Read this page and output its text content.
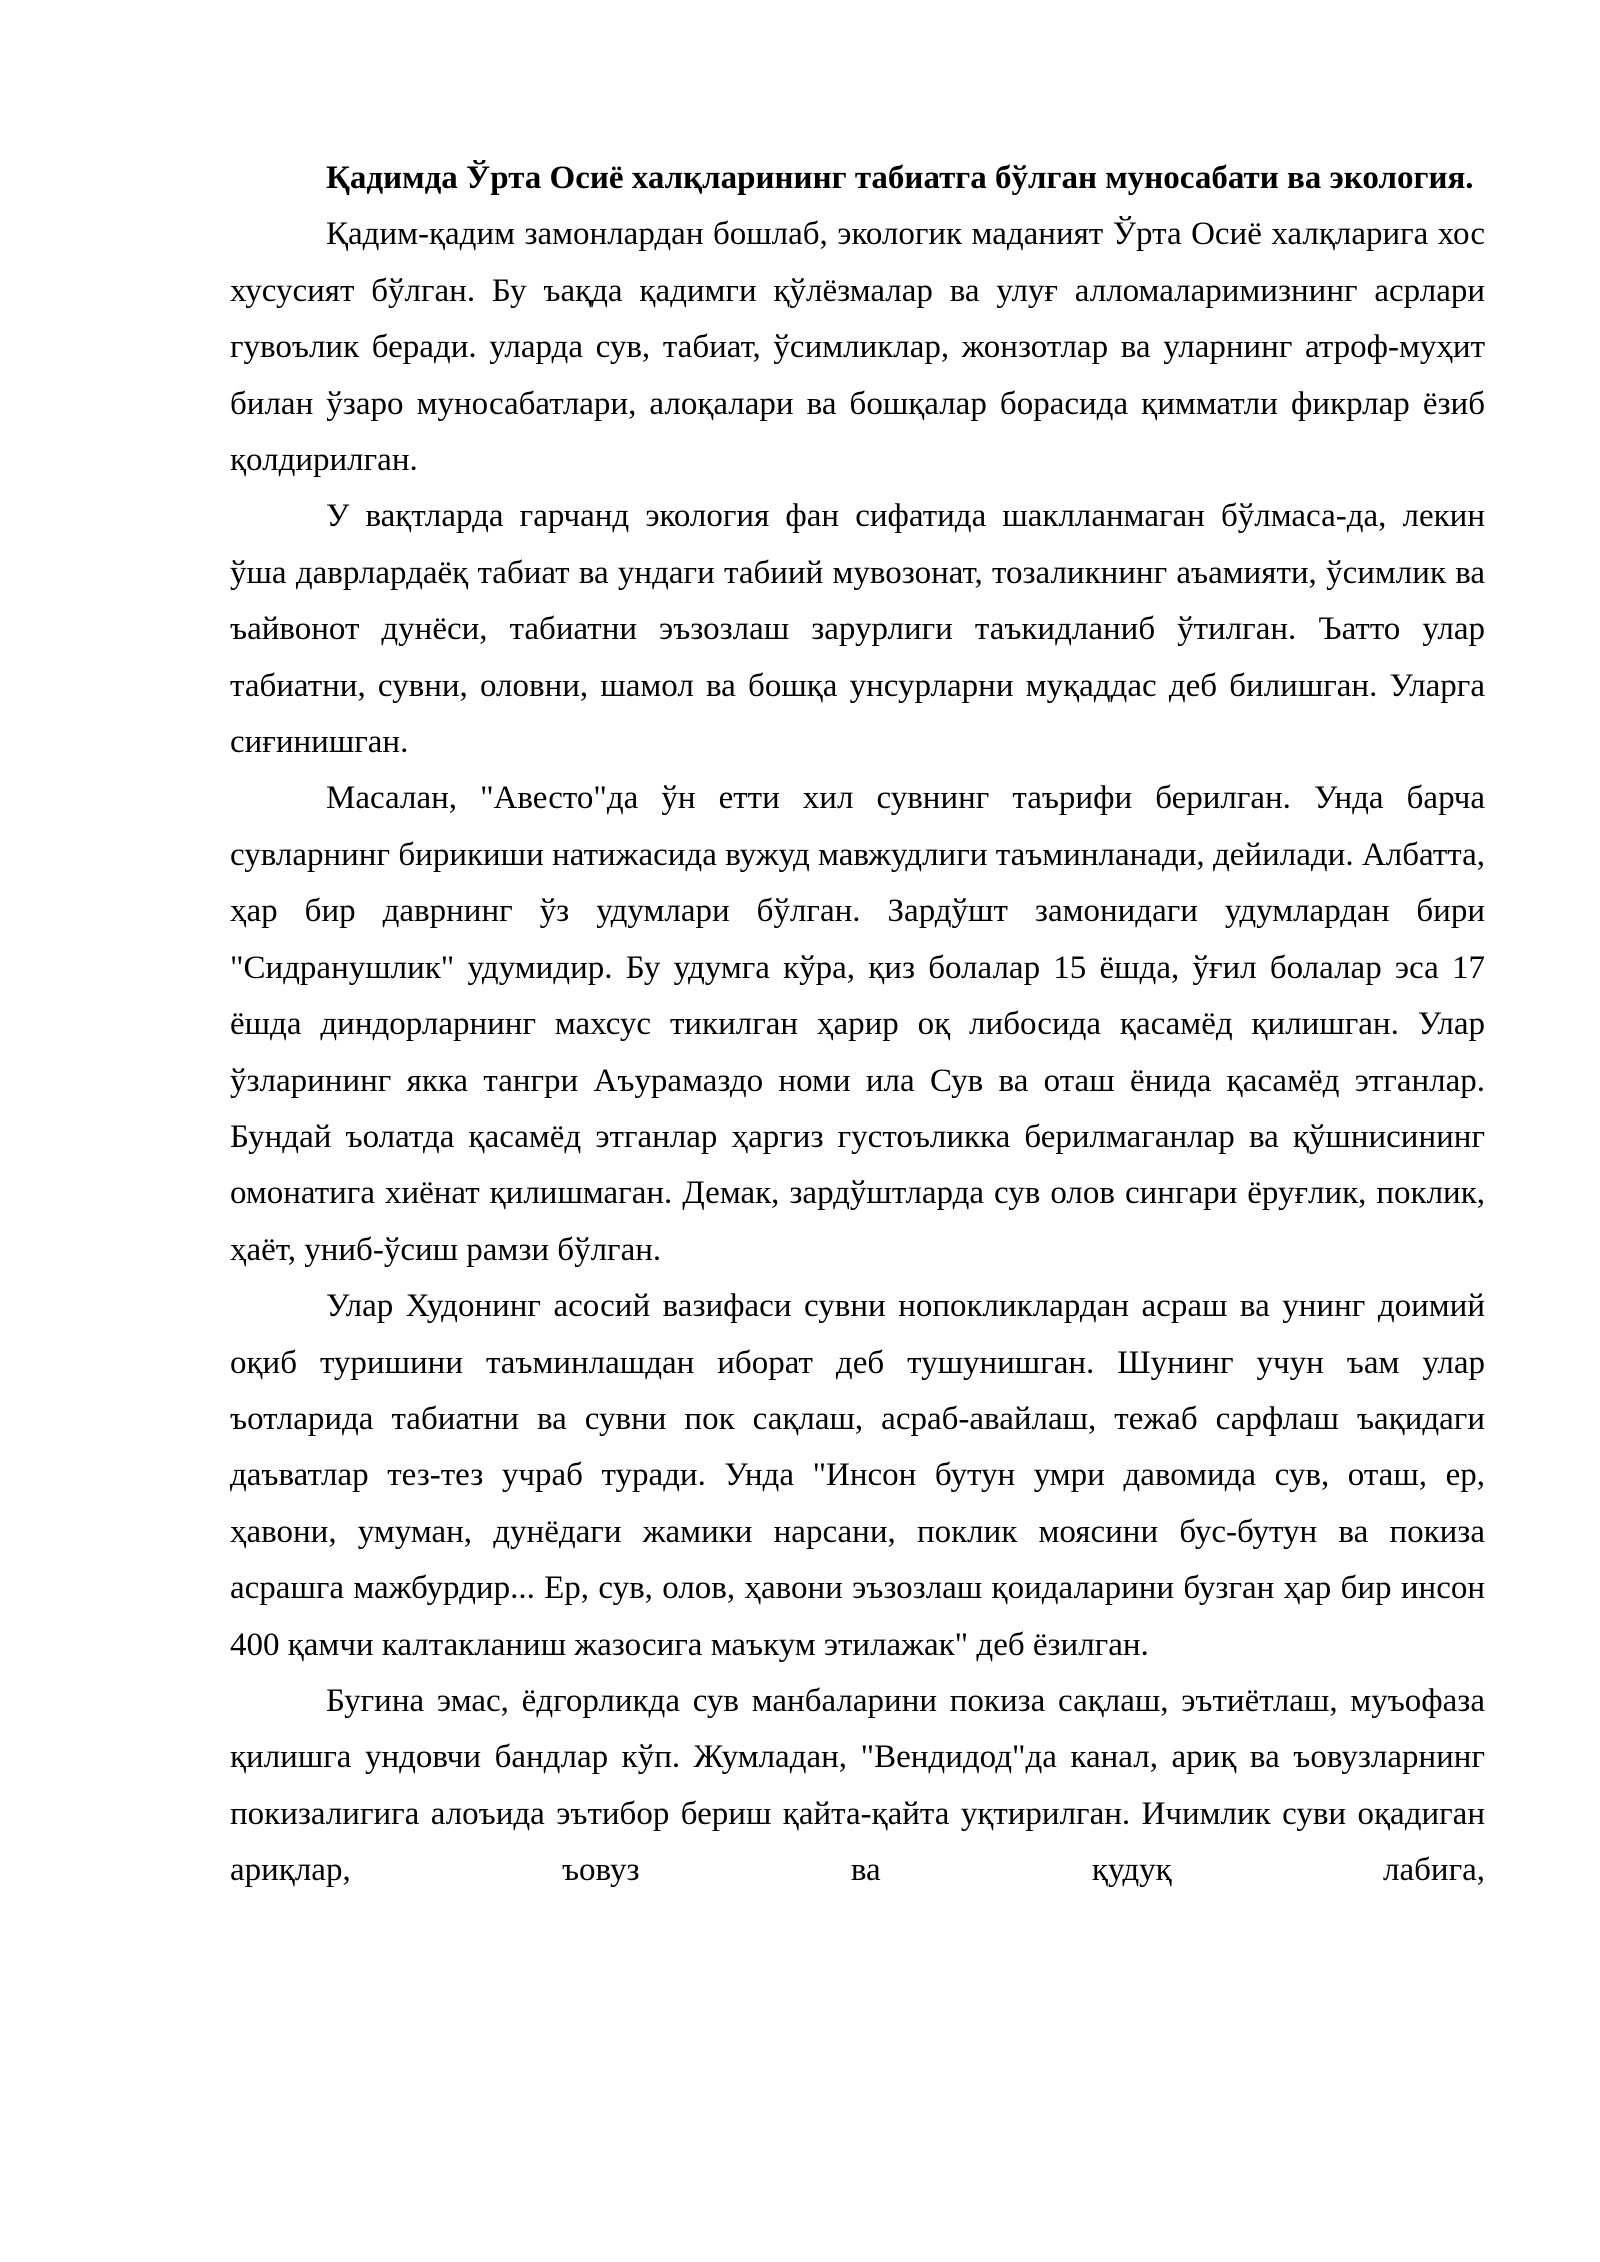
Қадимда Ўрта Осиё халқларининг табиатга бўлган муносабати ва экология.

Қадим-қадим замонлардан бошлаб, экологик маданият Ўрта Осиё халқларига хос хусусият бўлган. Бу ъақда қадимги қўлёзмалар ва улуғ алломаларимизнинг асрлари гувоълик беради. уларда сув, табиат, ўсимликлар, жонзотлар ва уларнинг атроф-муҳит билан ўзаро муносабатлари, алоқалари ва бошқалар борасида қимматли фикрлар ёзиб қолдирилган.

У вақтларда гарчанд экология фан сифатида шаклланмаган бўлмаса-да, лекин ўша даврлардаёқ табиат ва ундаги табиий мувозонат, тозаликнинг аъамияти, ўсимлик ва ъайвонот дунёси, табиатни эъзозлаш зарурлиги таъкидланиб ўтилган. Ъатто улар табиатни, сувни, оловни, шамол ва бошқа унсурларни муқаддас деб билишган. Уларга сиғинишган.

Масалан, "Авесто"да ўн етти хил сувнинг таърифи берилган. Унда барча сувларнинг бирикиши натижасида вужуд мавжудлиги таъминланади, дейилади. Албатта, ҳар бир даврнинг ўз удумлари бўлган. Зардўшт замонидаги удумлардан бири "Сидранушлик" удумидир. Бу удумга кўра, қиз болалар 15 ёшда, ўғил болалар эса 17 ёшда диндорларнинг махсус тикилган ҳарир оқ либосида қасамёд қилишган. Улар ўзларининг якка тангри Аъурамаздо номи ила Сув ва оташ ёнида қасамёд этганлар. Бундай ъолатда қасамёд этганлар ҳаргиз густоъликка берилмаганлар ва қўшнисининг омонатига хиёнат қилишмаган. Демак, зардўштларда сув олов сингари ёруғлик, поклик, ҳаёт, униб-ўсиш рамзи бўлган.

Улар Худонинг асосий вазифаси сувни нопокликлардан асраш ва унинг доимий оқиб туришини таъминлашдан иборат деб тушунишган. Шунинг учун ъам улар ъотларида табиатни ва сувни пок сақлаш, асраб-авайлаш, тежаб сарфлаш ъақидаги даъватлар тез-тез учраб туради. Унда "Инсон бутун умри давомида сув, оташ, ер, ҳавони, умуман, дунёдаги жамики нарсани, поклик моясини бус-бутун ва покиза асрашга мажбурдир... Ер, сув, олов, ҳавони эъзозлаш қоидаларини бузган ҳар бир инсон 400 қамчи калтакланиш жазосига маъкум этилажак" деб ёзилган.

Бугина эмас, ёдгорликда сув манбаларини покиза сақлаш, эътиётлаш, муъофаза қилишга ундовчи бандлар кўп. Жумладан, "Вендидод"да канал, ариқ ва ъовузларнинг покизалигига алоъида эътибор бериш қайта-қайта уқтирилган. Ичимлик суви оқадиган ариқлар, ъовуз ва қудуқ лабига,
